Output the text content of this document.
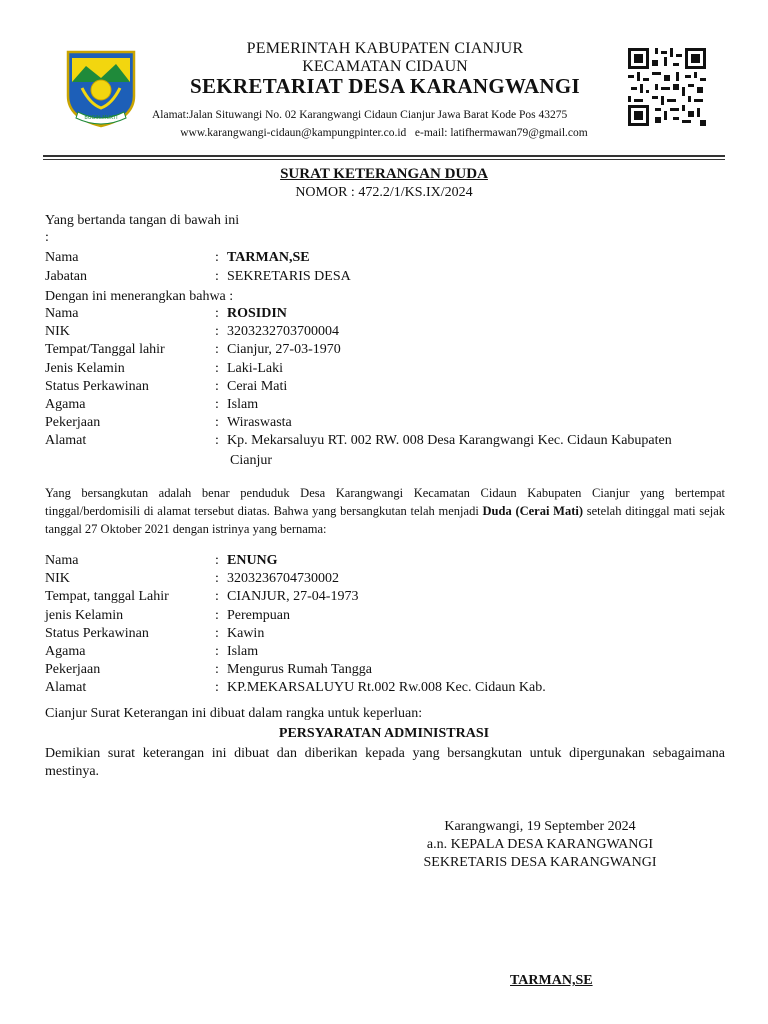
BUGIH MUKTI
PEMERINTAH KABUPATEN CIANJUR
KECAMATAN CIDAUN
SEKRETARIAT DESA KARANGWANGI
Alamat:Jalan Situwangi No. 02 Karangwangi Cidaun Cianjur Jawa Barat Kode Pos 43275
www.karangwangi-cidaun@kampungpinter.co.id   e-mail: latifhermawan79@gmail.com
SURAT KETERANGAN DUDA
NOMOR : 472.2/1/KS.IX/2024
Yang bertanda tangan di bawah ini
:
Nama	: TARMAN,SE
Jabatan	: SEKRETARIS DESA
Dengan ini menerangkan bahwa :
Nama	: ROSIDIN
NIK	: 3203232703700004
Tempat/Tanggal lahir	: Cianjur, 27-03-1970
Jenis Kelamin	: Laki-Laki
Status Perkawinan	: Cerai Mati
Agama	: Islam
Pekerjaan	: Wiraswasta
Alamat	: Kp. Mekarsaluyu RT. 002 RW. 008 Desa Karangwangi Kec. Cidaun Kabupaten
Cianjur
Yang bersangkutan adalah benar penduduk Desa Karangwangi Kecamatan Cidaun Kabupaten Cianjur yang bertempat tinggal/berdomisili di alamat tersebut diatas. Bahwa yang bersangkutan telah menjadi Duda (Cerai Mati) setelah ditinggal mati sejak tanggal 27 Oktober 2021 dengan istrinya yang bernama:
Nama	: ENUNG
NIK	: 3203236704730002
Tempat, tanggal Lahir	: CIANJUR, 27-04-1973
jenis Kelamin	: Perempuan
Status Perkawinan	: Kawin
Agama	: Islam
Pekerjaan	: Mengurus Rumah Tangga
Alamat	: KP.MEKARSALUYU Rt.002 Rw.008 Kec. Cidaun Kab.
Cianjur Surat Keterangan ini dibuat dalam rangka untuk keperluan:
PERSYARATAN ADMINISTRASI
Demikian surat keterangan ini dibuat dan diberikan kepada yang bersangkutan untuk dipergunakan sebagaimana mestinya.
Karangwangi, 19 September 2024
a.n. KEPALA DESA KARANGWANGI
SEKRETARIS DESA KARANGWANGI
TARMAN,SE
